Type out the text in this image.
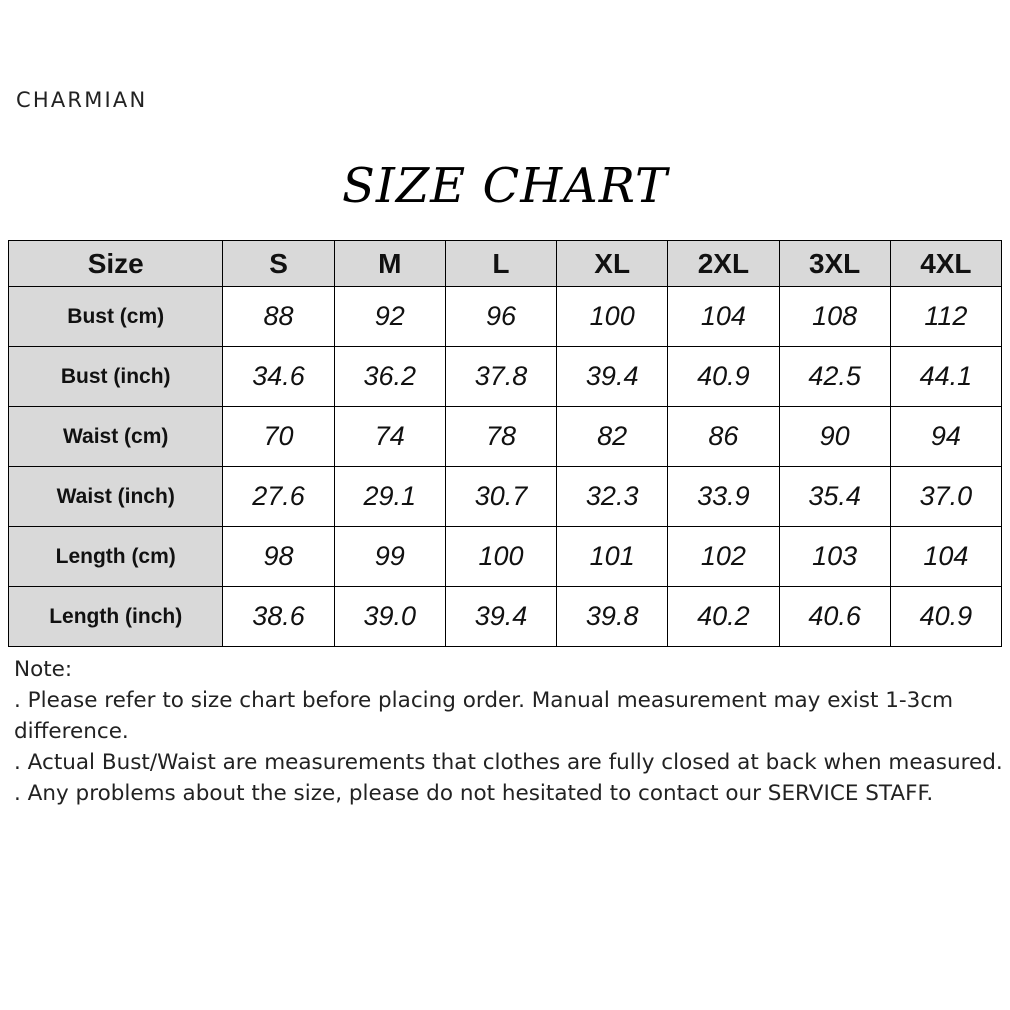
CHARMIAN
SIZE CHART
Size	S	M	L	XL	2XL	3XL	4XL
Bust (cm)	88	92	96	100	104	108	112
Bust (inch)	34.6	36.2	37.8	39.4	40.9	42.5	44.1
Waist (cm)	70	74	78	82	86	90	94
Waist (inch)	27.6	29.1	30.7	32.3	33.9	35.4	37.0
Length (cm)	98	99	100	101	102	103	104
Length (inch)	38.6	39.0	39.4	39.8	40.2	40.6	40.9

Note:

. Please refer to size chart before placing order. Manual measurement may exist 1-3cm difference.

. Actual Bust/Waist are measurements that clothes are fully closed at back when measured.

. Any problems about the size, please do not hesitated to contact our SERVICE STAFF.
